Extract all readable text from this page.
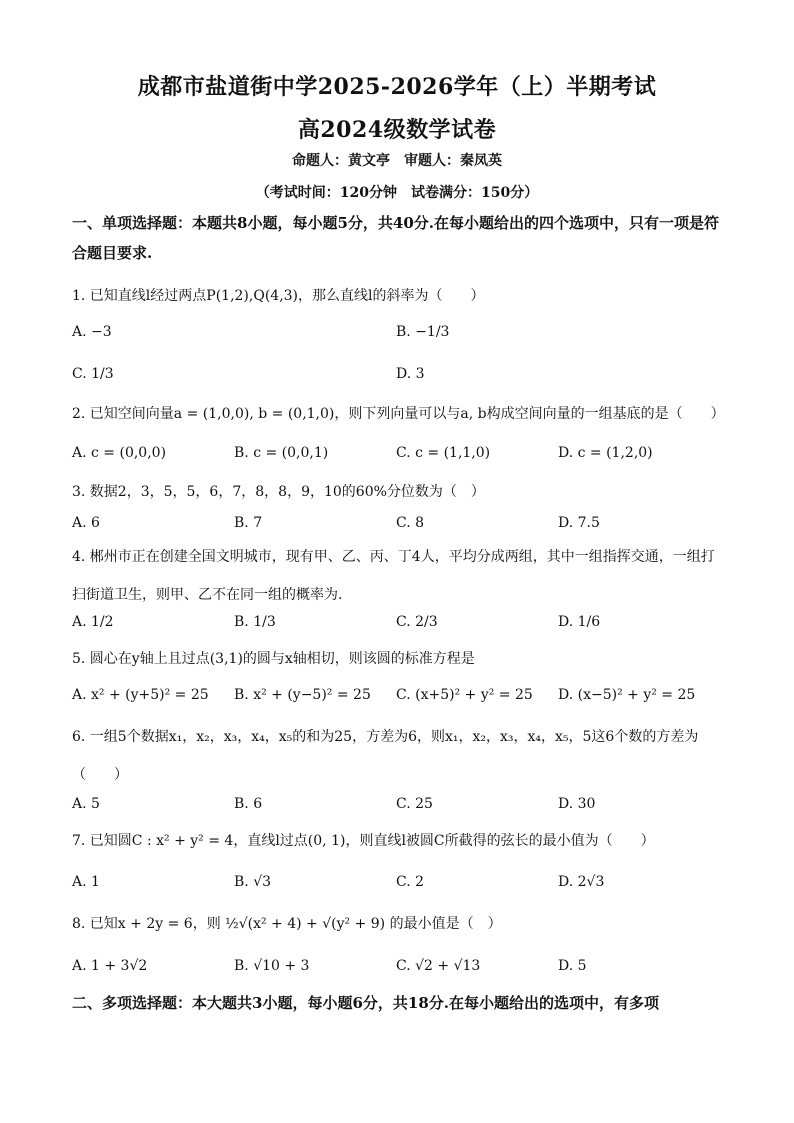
成都市盐道街中学2025-2026学年（上）半期考试
高2024级数学试卷
命题人：黄文亭　审题人：秦凤英
（考试时间：120分钟　试卷满分：150分）
一、单项选择题：本题共8小题，每小题5分，共40分.在每小题给出的四个选项中，只有一项是符合题目要求.
1. 已知直线l经过两点P(1,2),Q(4,3)，那么直线l的斜率为（　　）
A. −3	B. −1/3
C. 1/3	D. 3
2. 已知空间向量a = (1,0,0), b = (0,1,0)，则下列向量可以与a, b构成空间向量的一组基底的是（　　）
A. c = (0,0,0)	B. c = (0,0,1)	C. c = (1,1,0)	D. c = (1,2,0)
3. 数据2，3，5，5，6，7，8，8，9，10的60%分位数为（　）
A. 6	B. 7	C. 8	D. 7.5
4. 郴州市正在创建全国文明城市，现有甲、乙、丙、丁4人，平均分成两组，其中一组指挥交通，一组打扫街道卫生，则甲、乙不在同一组的概率为.
A. 1/2	B. 1/3	C. 2/3	D. 1/6
5. 圆心在y轴上且过点(3,1)的圆与x轴相切，则该圆的标准方程是
A. x² + (y+5)² = 25 B. x² + (y−5)² = 25 C. (x+5)² + y² = 25 D. (x−5)² + y² = 25
6. 一组5个数据x₁，x₂，x₃，x₄，x₅的和为25，方差为6，则x₁，x₂，x₃，x₄，x₅，5这6个数的方差为（　　）
A. 5	B. 6	C. 25	D. 30
7. 已知圆C : x² + y² = 4，直线l过点(0, 1)，则直线l被圆C所截得的弦长的最小值为（　　）
A. 1	B. √3	C. 2	D. 2√3
8. 已知x + 2y = 6，则 ½√(x² + 4) + √(y² + 9) 的最小值是（　）
A. 1 + 3√2	B. √10 + 3	C. √2 + √13	D. 5
二、多项选择题：本大题共3小题，每小题6分，共18分.在每小题给出的选项中，有多项
